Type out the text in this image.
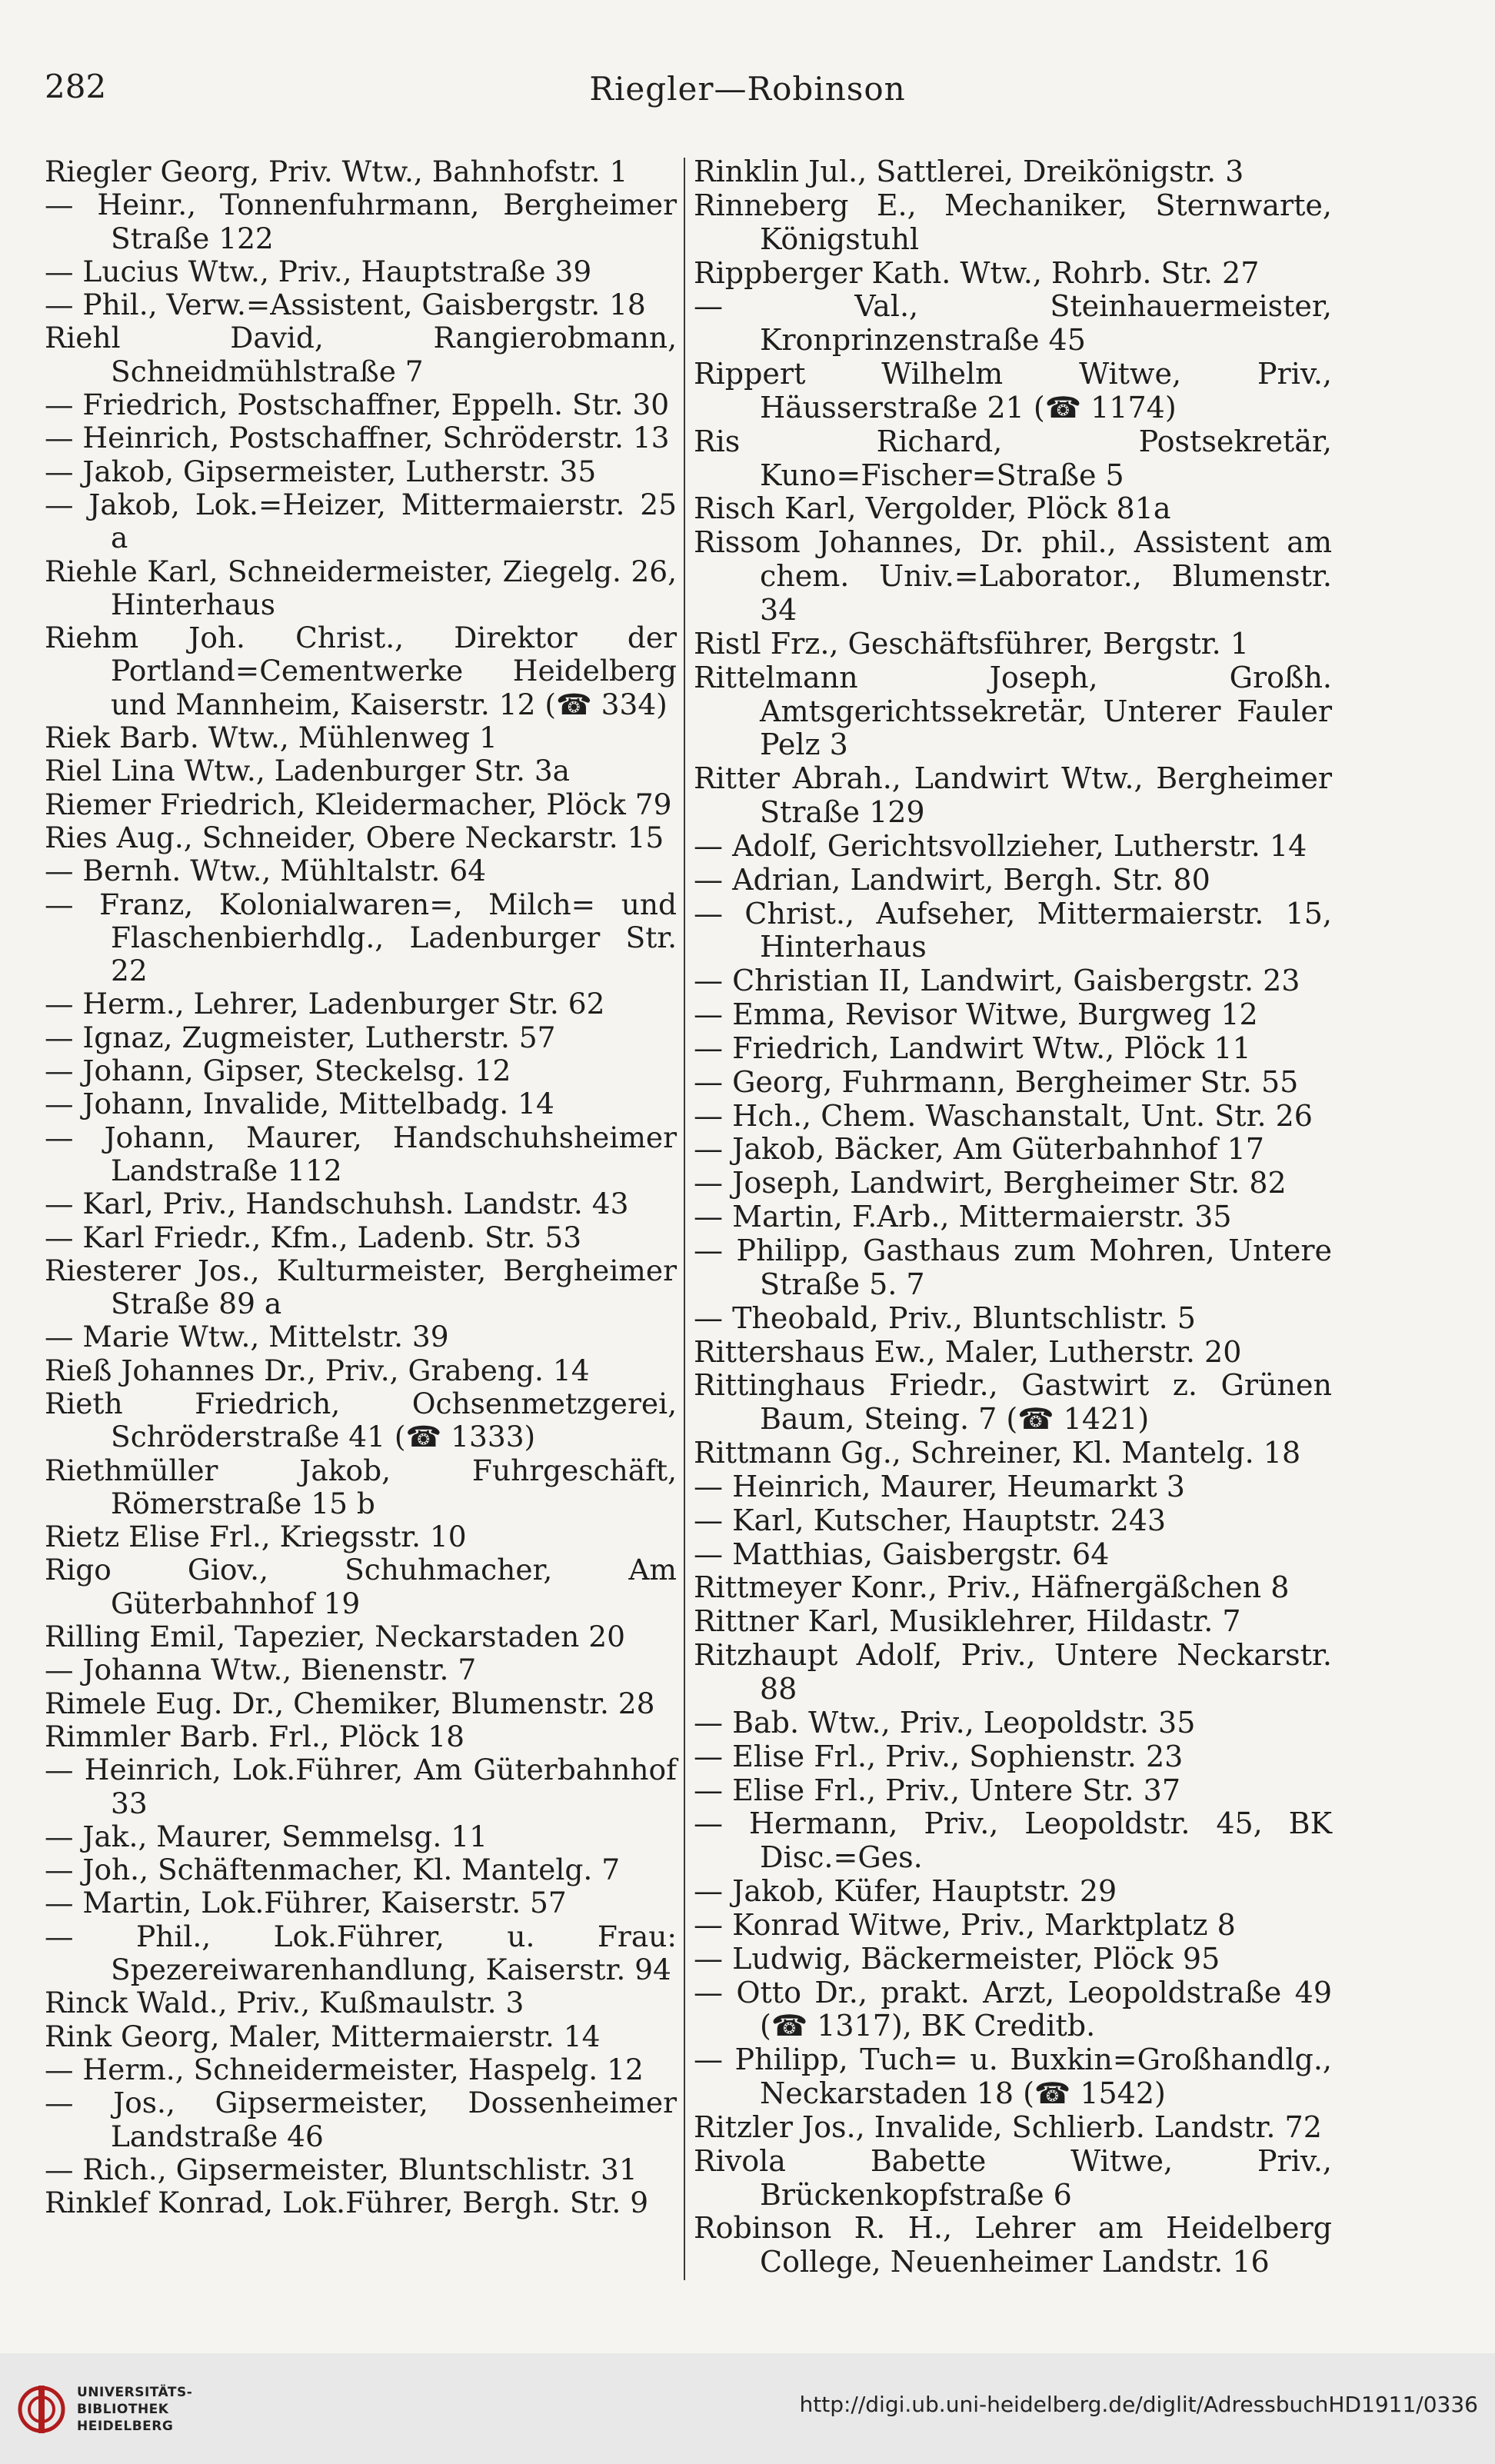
282	Riegler—Robinson
Riegler Georg, Priv. Wtw., Bahnhofstr. 1
— Heinr., Tonnenfuhrmann, Bergheimer Straße 122
— Lucius Wtw., Priv., Hauptstraße 39
— Phil., Verw.=Assistent, Gaisbergstr. 18
Riehl David, Rangierobmann, Schneidmühlstraße 7
— Friedrich, Postschaffner, Eppelh. Str. 30
— Heinrich, Postschaffner, Schröderstr. 13
— Jakob, Gipsermeister, Lutherstr. 35
— Jakob, Lok.=Heizer, Mittermaierstr. 25 a
Riehle Karl, Schneidermeister, Ziegelg. 26, Hinterhaus
Riehm Joh. Christ., Direktor der Portland=Cementwerke Heidelberg und Mannheim, Kaiserstr. 12 (☎ 334)
Riek Barb. Wtw., Mühlenweg 1
Riel Lina Wtw., Ladenburger Str. 3a
Riemer Friedrich, Kleidermacher, Plöck 79
Ries Aug., Schneider, Obere Neckarstr. 15
— Bernh. Wtw., Mühltalstr. 64
— Franz, Kolonialwaren=, Milch= und Flaschenbierhdlg., Ladenburger Str. 22
— Herm., Lehrer, Ladenburger Str. 62
— Ignaz, Zugmeister, Lutherstr. 57
— Johann, Gipser, Steckelsg. 12
— Johann, Invalide, Mittelbadg. 14
— Johann, Maurer, Handschuhsheimer Landstraße 112
— Karl, Priv., Handschuhsh. Landstr. 43
— Karl Friedr., Kfm., Ladenb. Str. 53
Riesterer Jos., Kulturmeister, Bergheimer Straße 89 a
— Marie Wtw., Mittelstr. 39
Rieß Johannes Dr., Priv., Grabeng. 14
Rieth Friedrich, Ochsenmetzgerei, Schröderstraße 41 (☎ 1333)
Riethmüller Jakob, Fuhrgeschäft, Römerstraße 15 b
Rietz Elise Frl., Kriegsstr. 10
Rigo Giov., Schuhmacher, Am Güterbahnhof 19
Rilling Emil, Tapezier, Neckarstaden 20
— Johanna Wtw., Bienenstr. 7
Rimele Eug. Dr., Chemiker, Blumenstr. 28
Rimmler Barb. Frl., Plöck 18
— Heinrich, Lok.Führer, Am Güterbahnhof 33
— Jak., Maurer, Semmelsg. 11
— Joh., Schäftenmacher, Kl. Mantelg. 7
— Martin, Lok.Führer, Kaiserstr. 57
— Phil., Lok.Führer, u. Frau: Spezereiwarenhandlung, Kaiserstr. 94
Rinck Wald., Priv., Kußmaulstr. 3
Rink Georg, Maler, Mittermaierstr. 14
— Herm., Schneidermeister, Haspelg. 12
— Jos., Gipsermeister, Dossenheimer Landstraße 46
— Rich., Gipsermeister, Bluntschlistr. 31
Rinklef Konrad, Lok.Führer, Bergh. Str. 9
Rinklin Jul., Sattlerei, Dreikönigstr. 3
Rinneberg E., Mechaniker, Sternwarte, Königstuhl
Rippberger Kath. Wtw., Rohrb. Str. 27
— Val., Steinhauermeister, Kronprinzenstraße 45
Rippert Wilhelm Witwe, Priv., Häusserstraße 21 (☎ 1174)
Ris Richard, Postsekretär, Kuno=Fischer=Straße 5
Risch Karl, Vergolder, Plöck 81a
Rissom Johannes, Dr. phil., Assistent am chem. Univ.=Laborator., Blumenstr. 34
Ristl Frz., Geschäftsführer, Bergstr. 1
Rittelmann Joseph, Großh. Amtsgerichtssekretär, Unterer Fauler Pelz 3
Ritter Abrah., Landwirt Wtw., Bergheimer Straße 129
— Adolf, Gerichtsvollzieher, Lutherstr. 14
— Adrian, Landwirt, Bergh. Str. 80
— Christ., Aufseher, Mittermaierstr. 15, Hinterhaus
— Christian II, Landwirt, Gaisbergstr. 23
— Emma, Revisor Witwe, Burgweg 12
— Friedrich, Landwirt Wtw., Plöck 11
— Georg, Fuhrmann, Bergheimer Str. 55
— Hch., Chem. Waschanstalt, Unt. Str. 26
— Jakob, Bäcker, Am Güterbahnhof 17
— Joseph, Landwirt, Bergheimer Str. 82
— Martin, F.Arb., Mittermaierstr. 35
— Philipp, Gasthaus zum Mohren, Untere Straße 5. 7
— Theobald, Priv., Bluntschlistr. 5
Rittershaus Ew., Maler, Lutherstr. 20
Rittinghaus Friedr., Gastwirt z. Grünen Baum, Steing. 7 (☎ 1421)
Rittmann Gg., Schreiner, Kl. Mantelg. 18
— Heinrich, Maurer, Heumarkt 3
— Karl, Kutscher, Hauptstr. 243
— Matthias, Gaisbergstr. 64
Rittmeyer Konr., Priv., Häfnergäßchen 8
Rittner Karl, Musiklehrer, Hildastr. 7
Ritzhaupt Adolf, Priv., Untere Neckarstr. 88
— Bab. Wtw., Priv., Leopoldstr. 35
— Elise Frl., Priv., Sophienstr. 23
— Elise Frl., Priv., Untere Str. 37
— Hermann, Priv., Leopoldstr. 45, BK Disc.=Ges.
— Jakob, Küfer, Hauptstr. 29
— Konrad Witwe, Priv., Marktplatz 8
— Ludwig, Bäckermeister, Plöck 95
— Otto Dr., prakt. Arzt, Leopoldstraße 49 (☎ 1317), BK Creditb.
— Philipp, Tuch= u. Buxkin=Großhandlg., Neckarstaden 18 (☎ 1542)
Ritzler Jos., Invalide, Schlierb. Landstr. 72
Rivola Babette Witwe, Priv., Brückenkopfstraße 6
Robinson R. H., Lehrer am Heidelberg College, Neuenheimer Landstr. 16
UNIVERSITÄTS-
BIBLIOTHEK
HEIDELBERG
http://digi.ub.uni-heidelberg.de/diglit/AdressbuchHD1911/0336
